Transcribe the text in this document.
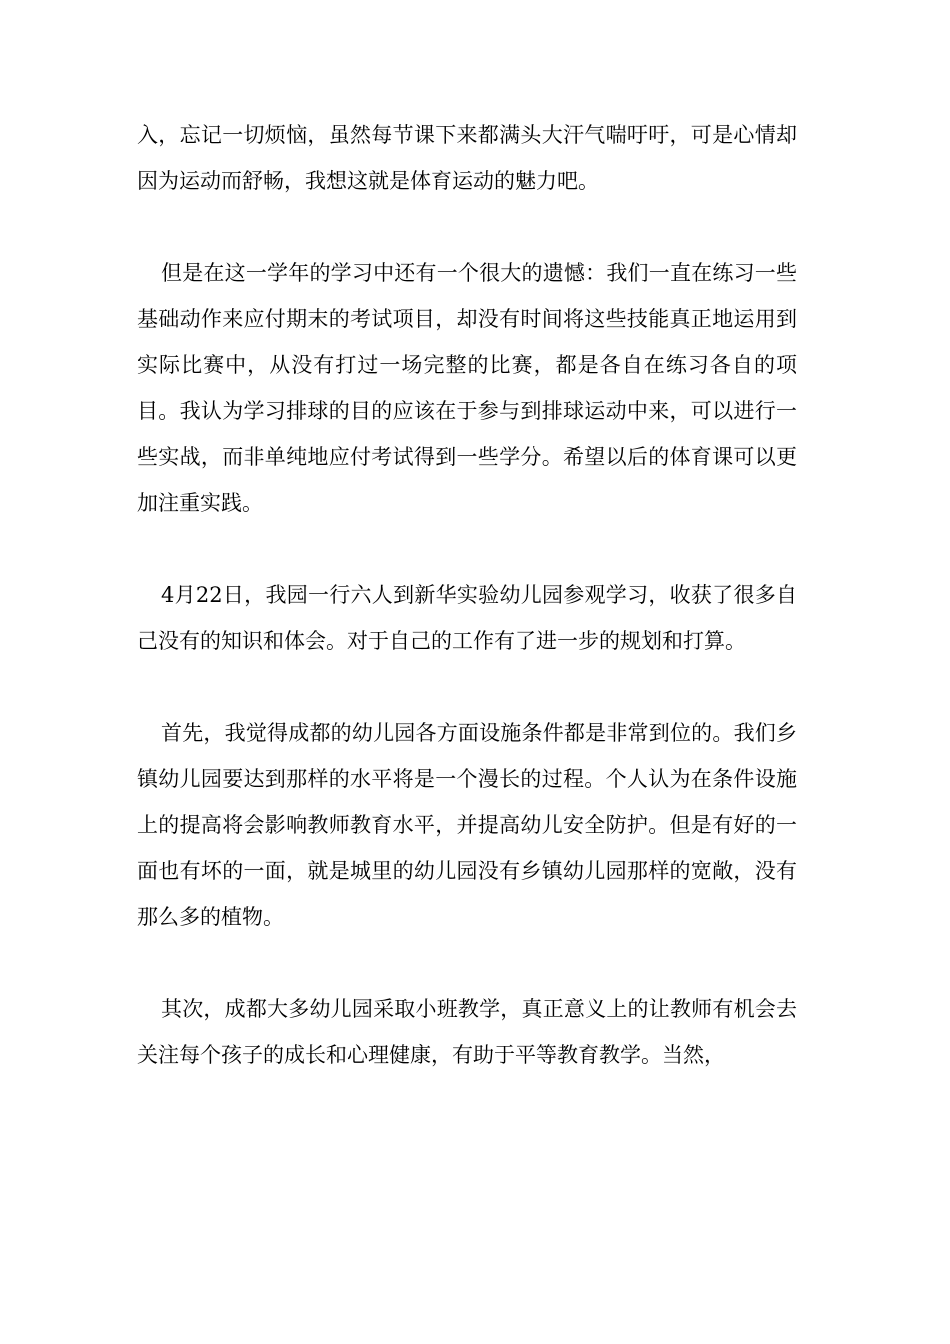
入，忘记一切烦恼，虽然每节课下来都满头大汗气喘吁吁，可是心情却因为运动而舒畅，我想这就是体育运动的魅力吧。

但是在这一学年的学习中还有一个很大的遗憾：我们一直在练习一些基础动作来应付期末的考试项目，却没有时间将这些技能真正地运用到实际比赛中，从没有打过一场完整的比赛，都是各自在练习各自的项目。我认为学习排球的目的应该在于参与到排球运动中来，可以进行一些实战，而非单纯地应付考试得到一些学分。希望以后的体育课可以更加注重实践。

4月22日，我园一行六人到新华实验幼儿园参观学习，收获了很多自己没有的知识和体会。对于自己的工作有了进一步的规划和打算。

首先，我觉得成都的幼儿园各方面设施条件都是非常到位的。我们乡镇幼儿园要达到那样的水平将是一个漫长的过程。个人认为在条件设施上的提高将会影响教师教育水平，并提高幼儿安全防护。但是有好的一面也有坏的一面，就是城里的幼儿园没有乡镇幼儿园那样的宽敞，没有那么多的植物。

其次，成都大多幼儿园采取小班教学，真正意义上的让教师有机会去关注每个孩子的成长和心理健康，有助于平等教育教学。当然，
